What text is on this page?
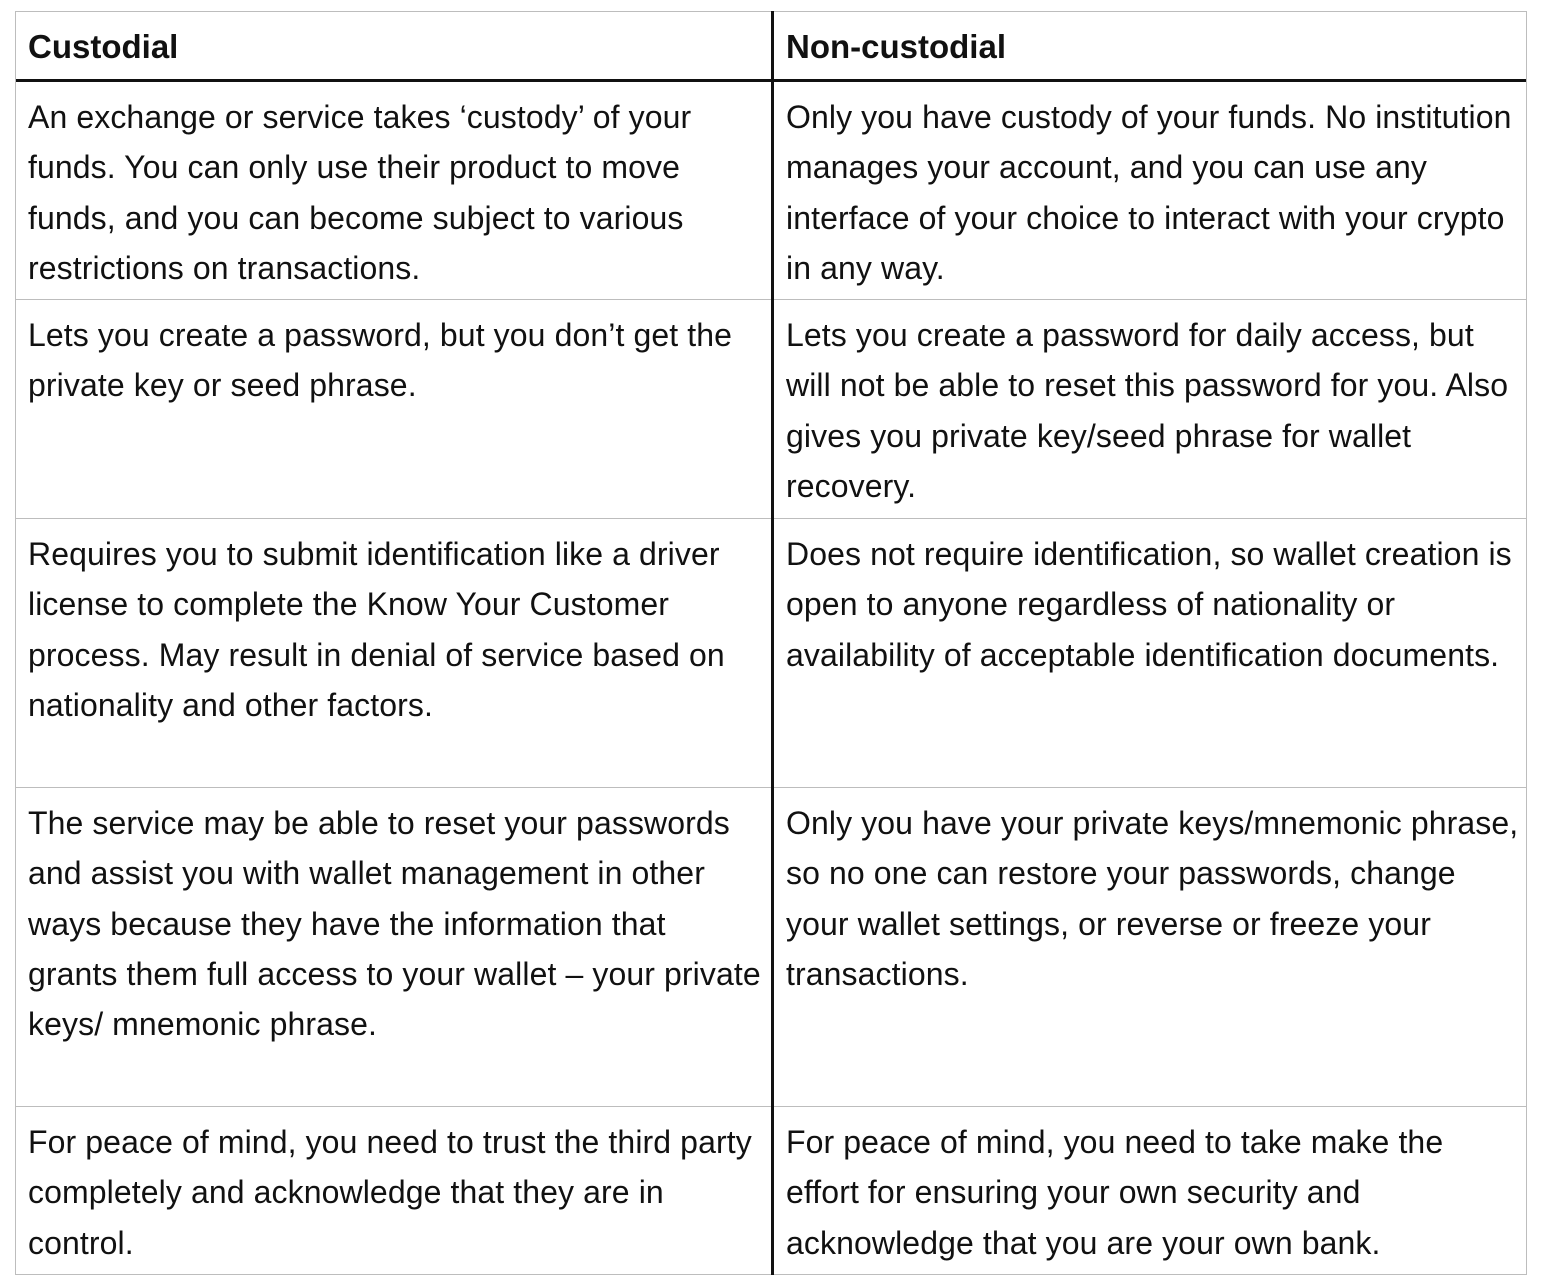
Custodial	Non-custodial
An exchange or service takes ‘custody’ of your funds. You can only use their product to move funds, and you can become subject to various restrictions on transactions.
Only you have custody of your funds. No institution manages your account, and you can use any interface of your choice to interact with your crypto in any way.
Lets you create a password, but you don’t get the private key or seed phrase.
Lets you create a password for daily access, but will not be able to reset this password for you. Also gives you private key/seed phrase for wallet recovery.
Requires you to submit identification like a driver license to complete the Know Your Customer process. May result in denial of service based on nationality and other factors.
Does not require identification, so wallet creation is open to anyone regardless of nationality or availability of acceptable identification documents.
The service may be able to reset your passwords and assist you with wallet management in other ways because they have the information that grants them full access to your wallet – your private keys/ mnemonic phrase.
Only you have your private keys/mnemonic phrase, so no one can restore your passwords, change your wallet settings, or reverse or freeze your transactions.
For peace of mind, you need to trust the third party completely and acknowledge that they are in control.
For peace of mind, you need to take make the effort for ensuring your own security and acknowledge that you are your own bank.
